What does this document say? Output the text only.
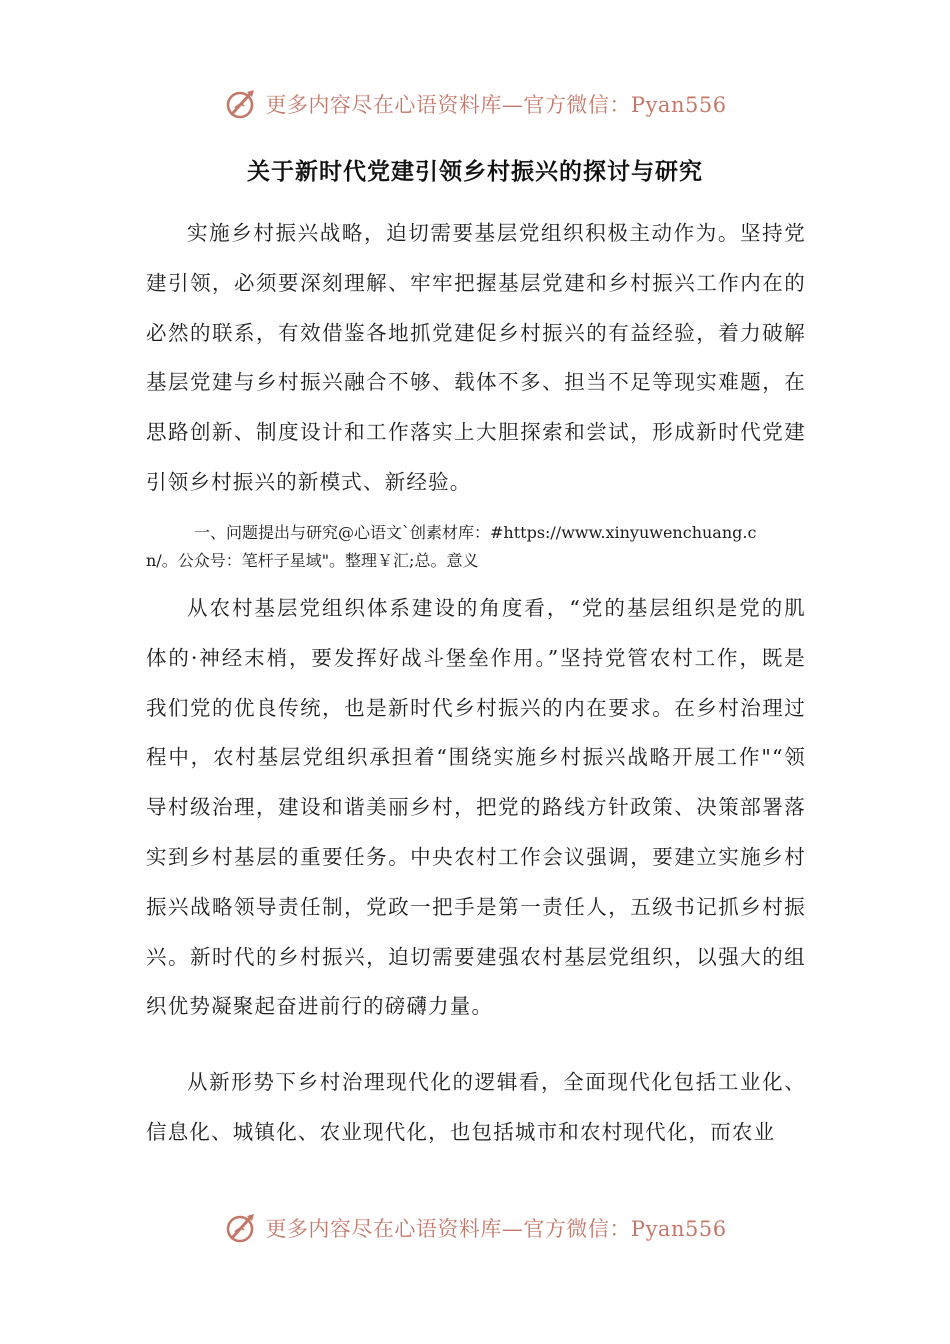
更多内容尽在心语资料库—官方微信：Pyan556
关于新时代党建引领乡村振兴的探讨与研究

实施乡村振兴战略，迫切需要基层党组织积极主动作为。坚持党建引领，必须要深刻理解、牢牢把握基层党建和乡村振兴工作内在的必然的联系，有效借鉴各地抓党建促乡村振兴的有益经验，着力破解基层党建与乡村振兴融合不够、载体不多、担当不足等现实难题，在思路创新、制度设计和工作落实上大胆探索和尝试，形成新时代党建引领乡村振兴的新模式、新经验。

一、问题提出与研究@心语文`创素材库：#https://www.xinyuwenchuang.cn/。公众号：笔杆子星域"。整理￥汇;总。意义

从农村基层党组织体系建设的角度看，“党的基层组织是党的肌体的·神经末梢，要发挥好战斗堡垒作用。”坚持党管农村工作，既是我们党的优良传统，也是新时代乡村振兴的内在要求。在乡村治理过程中，农村基层党组织承担着“围绕实施乡村振兴战略开展工作"“领导村级治理，建设和谐美丽乡村，把党的路线方针政策、决策部署落实到乡村基层的重要任务。中央农村工作会议强调，要建立实施乡村振兴战略领导责任制，党政一把手是第一责任人，五级书记抓乡村振兴。新时代的乡村振兴，迫切需要建强农村基层党组织，以强大的组织优势凝聚起奋进前行的磅礴力量。

从新形势下乡村治理现代化的逻辑看，全面现代化包括工业化、信息化、城镇化、农业现代化，也包括城市和农村现代化，而农业

更多内容尽在心语资料库—官方微信：Pyan556
